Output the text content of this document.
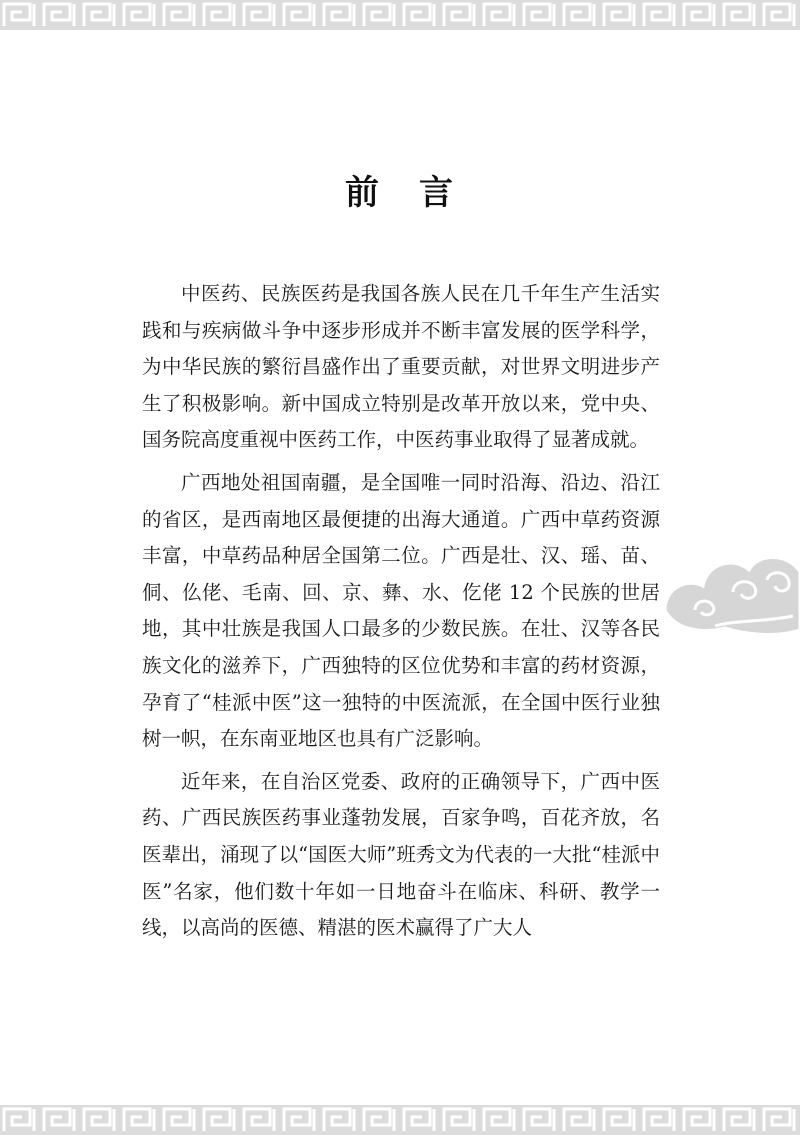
前 言

中医药、民族医药是我国各族人民在几千年生产生活实践和与疾病做斗争中逐步形成并不断丰富发展的医学科学，为中华民族的繁衍昌盛作出了重要贡献，对世界文明进步产生了积极影响。新中国成立特别是改革开放以来，党中央、国务院高度重视中医药工作，中医药事业取得了显著成就。

广西地处祖国南疆，是全国唯一同时沿海、沿边、沿江的省区，是西南地区最便捷的出海大通道。广西中草药资源丰富，中草药品种居全国第二位。广西是壮、汉、瑶、苗、侗、仫佬、毛南、回、京、彝、水、仡佬 12 个民族的世居地，其中壮族是我国人口最多的少数民族。在壮、汉等各民族文化的滋养下，广西独特的区位优势和丰富的药材资源，孕育了“桂派中医”这一独特的中医流派，在全国中医行业独树一帜，在东南亚地区也具有广泛影响。

近年来，在自治区党委、政府的正确领导下，广西中医药、广西民族医药事业蓬勃发展，百家争鸣，百花齐放，名医辈出，涌现了以“国医大师”班秀文为代表的一大批“桂派中医”名家，他们数十年如一日地奋斗在临床、科研、教学一线，以高尚的医德、精湛的医术赢得了广大人
